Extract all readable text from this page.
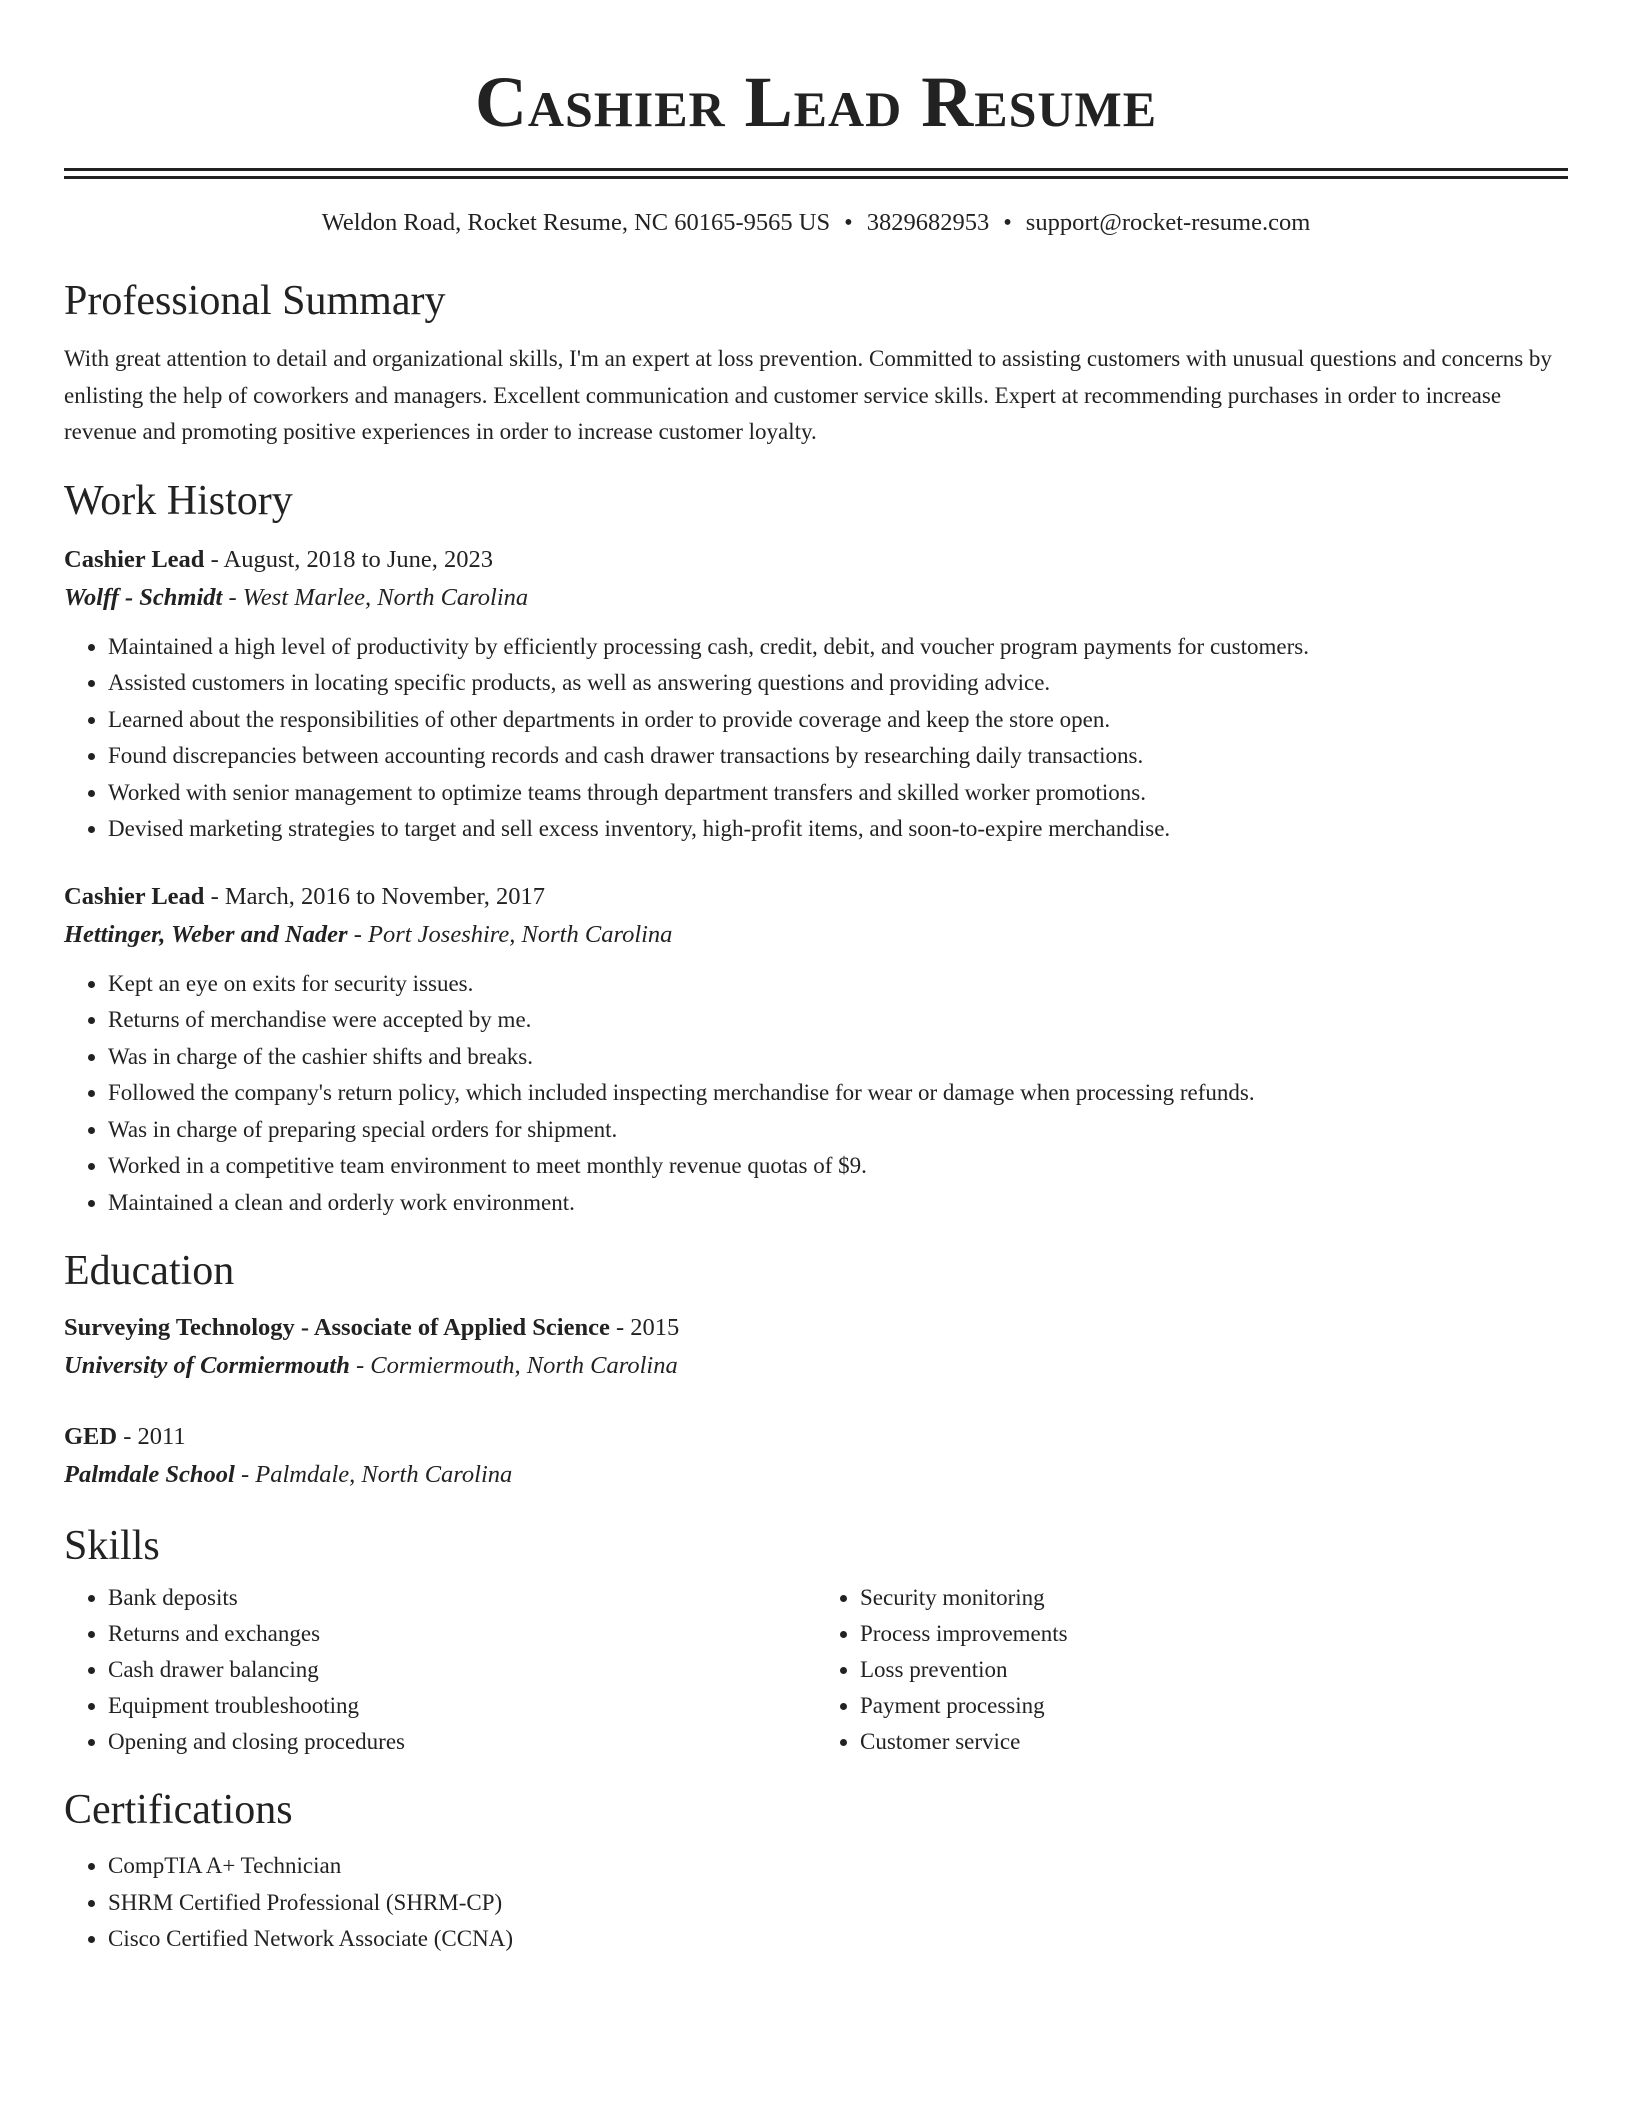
Cashier Lead Resume
Weldon Road, Rocket Resume, NC 60165-9565 US • 3829682953 • support@rocket-resume.com
Professional Summary

With great attention to detail and organizational skills, I'm an expert at loss prevention. Committed to assisting customers with unusual questions and concerns by enlisting the help of coworkers and managers. Excellent communication and customer service skills. Expert at recommending purchases in order to increase revenue and promoting positive experiences in order to increase customer loyalty.

Work History
Cashier Lead - August, 2018 to June, 2023
Wolff - Schmidt - West Marlee, North Carolina
• Maintained a high level of productivity by efficiently processing cash, credit, debit, and voucher program payments for customers.
• Assisted customers in locating specific products, as well as answering questions and providing advice.
• Learned about the responsibilities of other departments in order to provide coverage and keep the store open.
• Found discrepancies between accounting records and cash drawer transactions by researching daily transactions.
• Worked with senior management to optimize teams through department transfers and skilled worker promotions.
• Devised marketing strategies to target and sell excess inventory, high-profit items, and soon-to-expire merchandise.
Cashier Lead - March, 2016 to November, 2017
Hettinger, Weber and Nader - Port Joseshire, North Carolina
• Kept an eye on exits for security issues.
• Returns of merchandise were accepted by me.
• Was in charge of the cashier shifts and breaks.
• Followed the company's return policy, which included inspecting merchandise for wear or damage when processing refunds.
• Was in charge of preparing special orders for shipment.
• Worked in a competitive team environment to meet monthly revenue quotas of $9.
• Maintained a clean and orderly work environment.
Education
Surveying Technology - Associate of Applied Science - 2015
University of Cormiermouth - Cormiermouth, North Carolina
GED - 2011
Palmdale School - Palmdale, North Carolina
Skills
• Bank deposits
• Returns and exchanges
• Cash drawer balancing
• Equipment troubleshooting
• Opening and closing procedures
• Security monitoring
• Process improvements
• Loss prevention
• Payment processing
• Customer service
Certifications
• CompTIA A+ Technician
• SHRM Certified Professional (SHRM-CP)
• Cisco Certified Network Associate (CCNA)
